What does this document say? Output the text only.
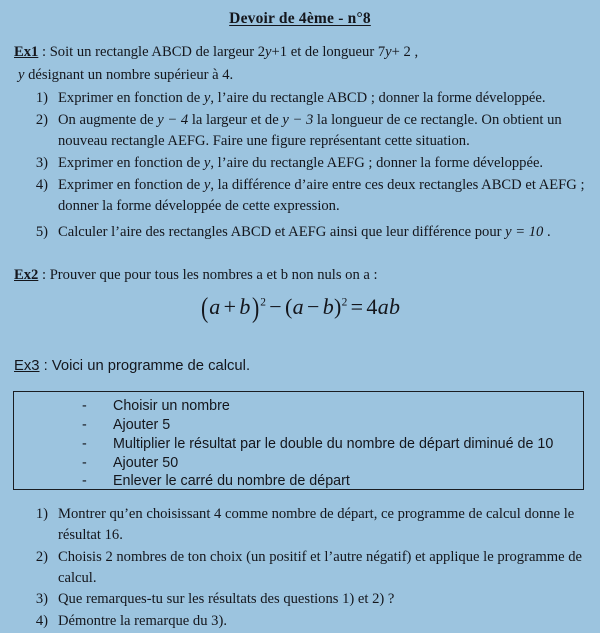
Devoir de 4ème - n°8
Ex1 : Soit un rectangle ABCD de largeur 2y+1 et de longueur 7y+ 2 ,
y désignant un nombre supérieur à 4.
1) Exprimer en fonction de y, l’aire du rectangle ABCD ; donner la forme développée.
2) On augmente de y − 4 la largeur et de y − 3 la longueur de ce rectangle. On obtient un nouveau rectangle AEFG. Faire une figure représentant cette situation.
3) Exprimer en fonction de y, l’aire du rectangle AEFG ; donner la forme développée.
4) Exprimer en fonction de y, la différence d’aire entre ces deux rectangles ABCD et AEFG ; donner la forme développée de cette expression.
5) Calculer l’aire des rectangles ABCD et AEFG ainsi que leur différence pour y = 10 .
Ex2 : Prouver que pour tous les nombres a et b non nuls on a :
$(a + b)^2 - (a - b)^2 = 4ab$
Ex3 : Voici un programme de calcul.
- Choisir un nombre
- Ajouter 5
- Multiplier le résultat par le double du nombre de départ diminué de 10
- Ajouter 50
- Enlever le carré du nombre de départ
1) Montrer qu’en choisissant 4 comme nombre de départ, ce programme de calcul donne le résultat 16.
2) Choisis 2 nombres de ton choix (un positif et l’autre négatif) et applique le programme de calcul.
3) Que remarques-tu sur les résultats des questions 1) et 2) ?
4) Démontre la remarque du 3).
